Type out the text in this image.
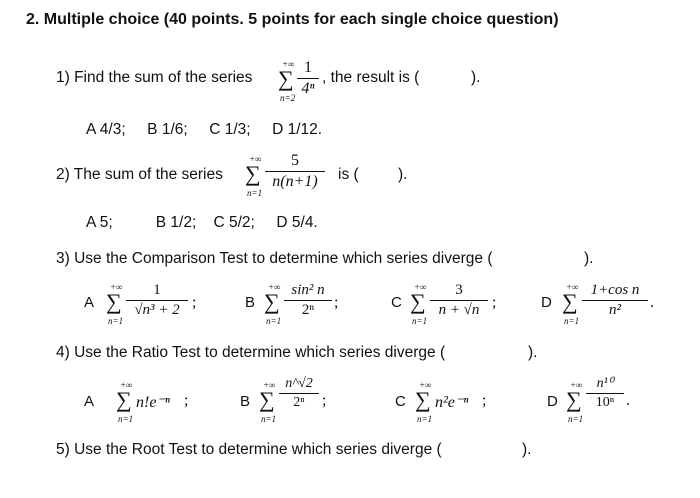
2. Multiple choice (40 points. 5 points for each single choice question)
1) Find the sum of the series
+∞
∑
n=2
1
4ⁿ
, the result is (	).
A 4/3;     B 1/6;     C 1/3;     D 1/12.
2) The sum of the series
+∞
∑
n=1
5
n(n+1)	is (	).
A 5;          B 1/2;    C 5/2;     D 5/4.
3) Use the Comparison Test to determine which series diverge (	).
A
+∞
∑
n=1
1
√n³ + 2 ;	B
+∞
∑
n=1
sin² n
2ⁿ	;	C
+∞
∑
n=1
3
n + √n ;	D
+∞
∑
n=1
1+cos n
n²	.
4) Use the Ratio Test to determine which series diverge (	).
A
+∞
∑
n=1
n!e⁻ⁿ ;	B
+∞
∑
n=1
n^√2
2ⁿ	;	C
+∞
∑
n=1
n²e⁻ⁿ ;	D
+∞
∑
n=1
n¹⁰
10ⁿ .
5) Use the Root Test to determine which series diverge (	).
